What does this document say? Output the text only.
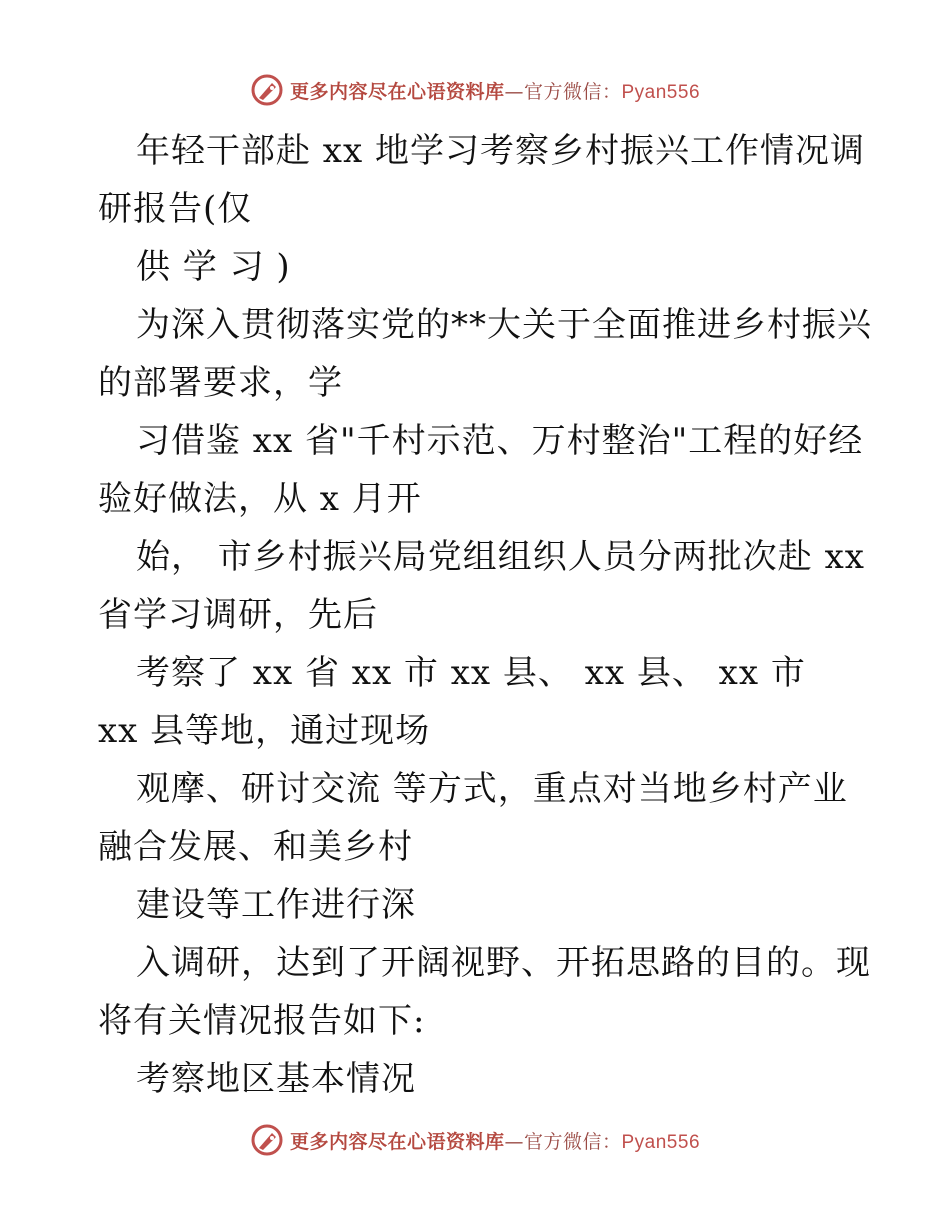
更多内容尽在心语资料库—官方微信：Pyan556
年轻干部赴 xx 地学习考察乡村振兴工作情况调
研报告(仅
供 学 习 )
为深入贯彻落实党的**大关于全面推进乡村振兴
的部署要求，学
习借鉴 xx 省"千村示范、万村整治"工程的好经
验好做法，从 x 月开
始， 市乡村振兴局党组组织人员分两批次赴 xx
省学习调研，先后
考察了 xx 省 xx 市 xx 县、 xx 县、 xx 市
xx 县等地，通过现场
观摩、研讨交流 等方式，重点对当地乡村产业
融合发展、和美乡村
建设等工作进行深
入调研，达到了开阔视野、开拓思路的目的。现
将有关情况报告如下:
考察地区基本情况
更多内容尽在心语资料库—官方微信：Pyan556
